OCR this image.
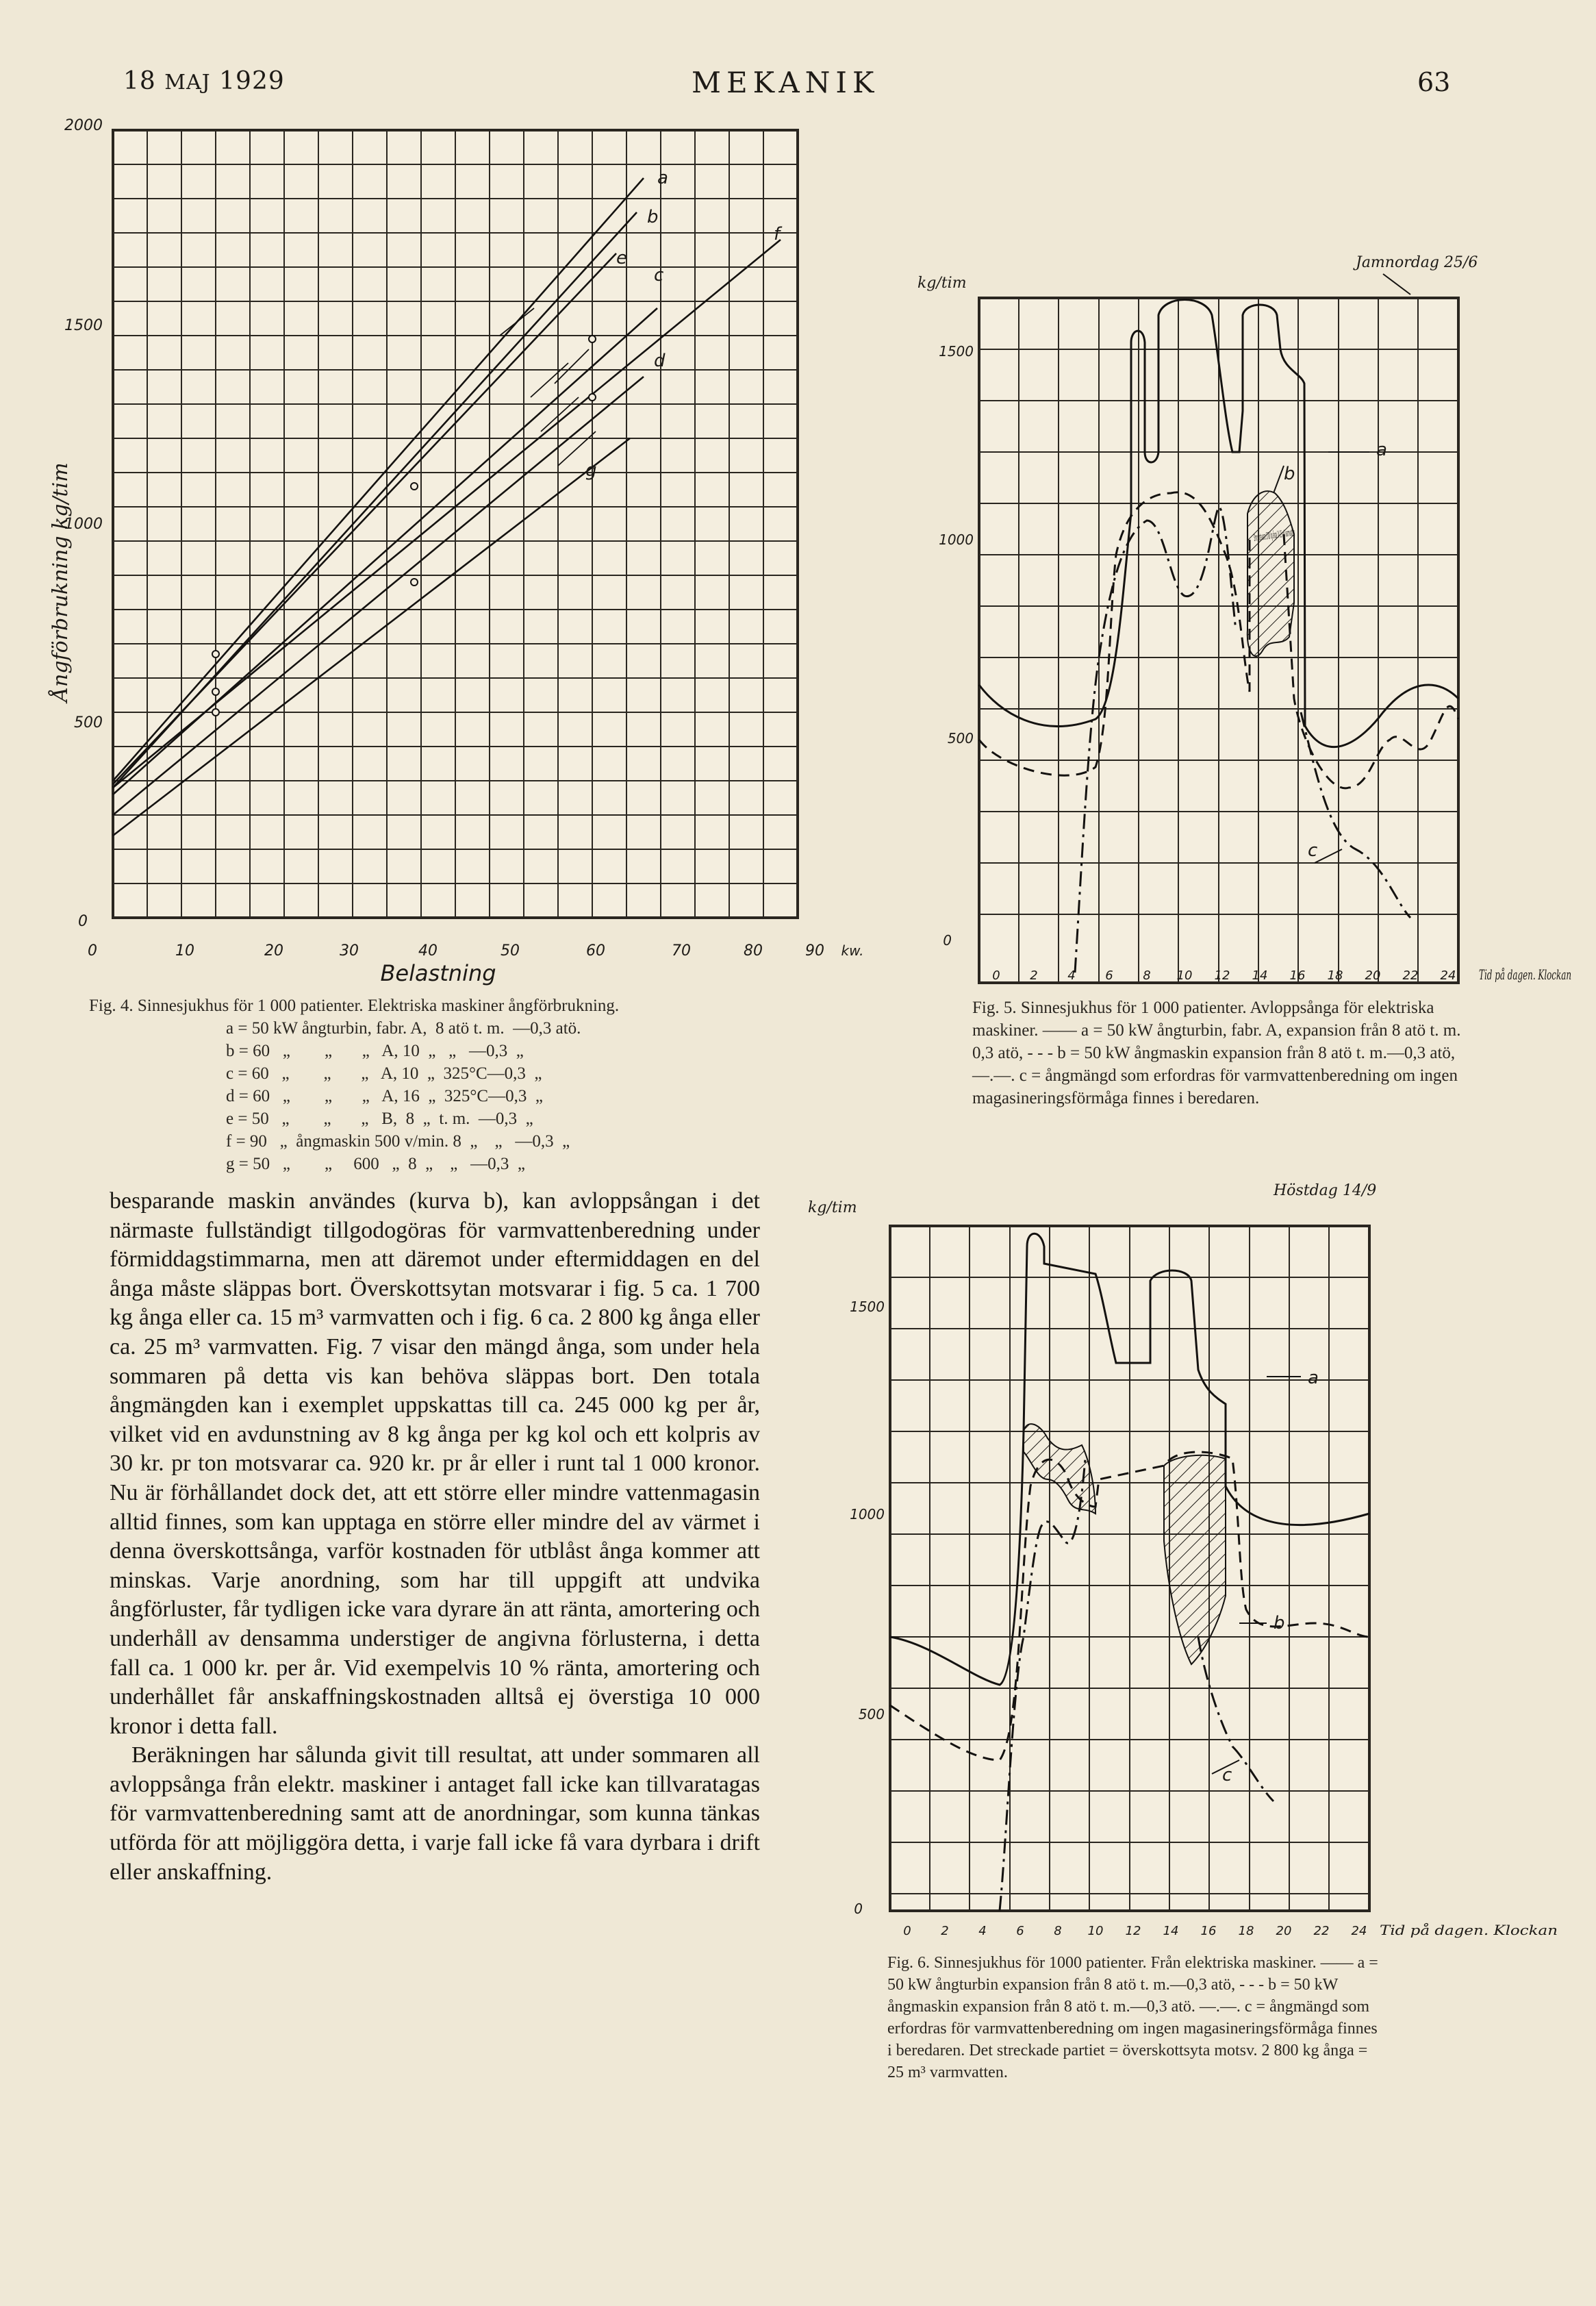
18 MAJ 1929	MEKANIK	63
a
b
c
d
e
f
g
2000
1500
1000
500
0
Ångförbrukning kg/tim
0	10	20	30	40	50	60	70	80	90 kw.
Belastning
Fig. 4. Sinnesjukhus för 1 000 patienter. Elektriska maskiner ångförbrukning.
a = 50 kW ångturbin, fabr. A,  8 atö t. m.  —0,3 atö.
b = 60   „        „       „   A, 10  „   „   —0,3  „
c = 60   „        „       „   A, 10  „  325°C—0,3  „
d = 60   „        „       „   A, 16  „  325°C—0,3  „
e = 50   „        „       „   B,  8  „  t. m.  —0,3  „
f = 90   „  ångmaskin 500 v/min. 8  „    „   —0,3  „
g = 50   „        „     600   „  8  „    „   —0,3  „
a
b
c
kg/tim
Jamnordag 25/6
1500
1000
500
0
0 2 4 6 8 10 12 14 16 18 20 22 24 Tid på dagen. Klockan
Fig. 5. Sinnesjukhus för 1 000 patienter. Avloppsånga för elektriska maskiner. —— a = 50 kW ångturbin, fabr. A, expansion från 8 atö t. m. 0,3 atö, - - - b = 50 kW ångmaskin expansion från 8 atö t. m.—0,3 atö, —.—. c = ångmängd som erfordras för varmvattenberedning om ingen magasineringsförmåga finnes i beredaren.
a
b
c
kg/tim
Höstdag 14/9
1500
1000
500
0
0 2 4 6 8 10 12 14 16 18 20 22 24 Tid på dagen. Klockan
Fig. 6. Sinnesjukhus för 1000 patienter. Från elektriska maskiner. —— a = 50 kW ångturbin expansion från 8 atö t. m.—0,3 atö, - - - b = 50 kW ångmaskin expansion från 8 atö t. m.—0,3 atö. —.—. c = ångmängd som erfordras för varmvattenberedning om ingen magasineringsförmåga finnes i beredaren. Det streckade partiet = överskottsyta motsv. 2 800 kg ånga = 25 m³ varmvatten.

besparande maskin användes (kurva b), kan avloppsångan i det närmaste fullständigt tillgodogöras för varmvattenberedning under förmiddagstimmarna, men att däremot under eftermiddagen en del ånga måste släppas bort. Överskottsytan motsvarar i fig. 5 ca. 1 700 kg ånga eller ca. 15 m³ varmvatten och i fig. 6 ca. 2 800 kg ånga eller ca. 25 m³ varmvatten. Fig. 7 visar den mängd ånga, som under hela sommaren på detta vis kan behöva släppas bort. Den totala ångmängden kan i exemplet uppskattas till ca. 245 000 kg per år, vilket vid en avdunstning av 8 kg ånga per kg kol och ett kolpris av 30 kr. pr ton motsvarar ca. 920 kr. pr år eller i runt tal 1 000 kronor. Nu är förhållandet dock det, att ett större eller mindre vattenmagasin alltid finnes, som kan upptaga en större eller mindre del av värmet i denna överskottsånga, varför kostnaden för utblåst ånga kommer att minskas. Varje anordning, som har till uppgift att undvika ångförluster, får tydligen icke vara dyrare än att ränta, amortering och underhåll av densamma understiger de angivna förlusterna, i detta fall ca. 1 000 kr. per år. Vid exempelvis 10 % ränta, amortering och underhållet får anskaffningskostnaden alltså ej överstiga 10 000 kronor i detta fall.

Beräkningen har sålunda givit till resultat, att under sommaren all avloppsånga från elektr. maskiner i antaget fall icke kan tillvaratagas för varmvattenberedning samt att de anordningar, som kunna tänkas utförda för att möjliggöra detta, i varje fall icke få vara dyrbara i drift eller anskaffning.
